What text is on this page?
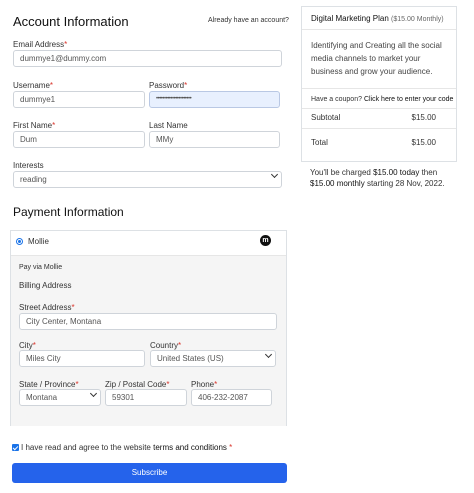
Account Information	Already have an account?
Email Address*
dummye1@dummy.com
Username*
dummye1
Password*
••••••••••••••••••••••
First Name*
Dum
Last Name
MMy
Interests
reading
Payment Information
Mollie	m
Pay via Mollie
Billing Address
Street Address*
City Center, Montana
City*
Miles City
Country*
United States (US)
State / Province*
Montana
Zip / Postal Code*
59301
Phone*
406-232-2087
I have read and agree to the website terms and conditions *
Subscribe
Digital Marketing Plan ($15.00 Monthly)
Identifying and Creating all the social media channels to market your business and grow your audience.
Have a coupon? Click here to enter your code
Subtotal	$15.00
Total	$15.00
You'll be charged $15.00 today then $15.00 monthly starting 28 Nov, 2022.
